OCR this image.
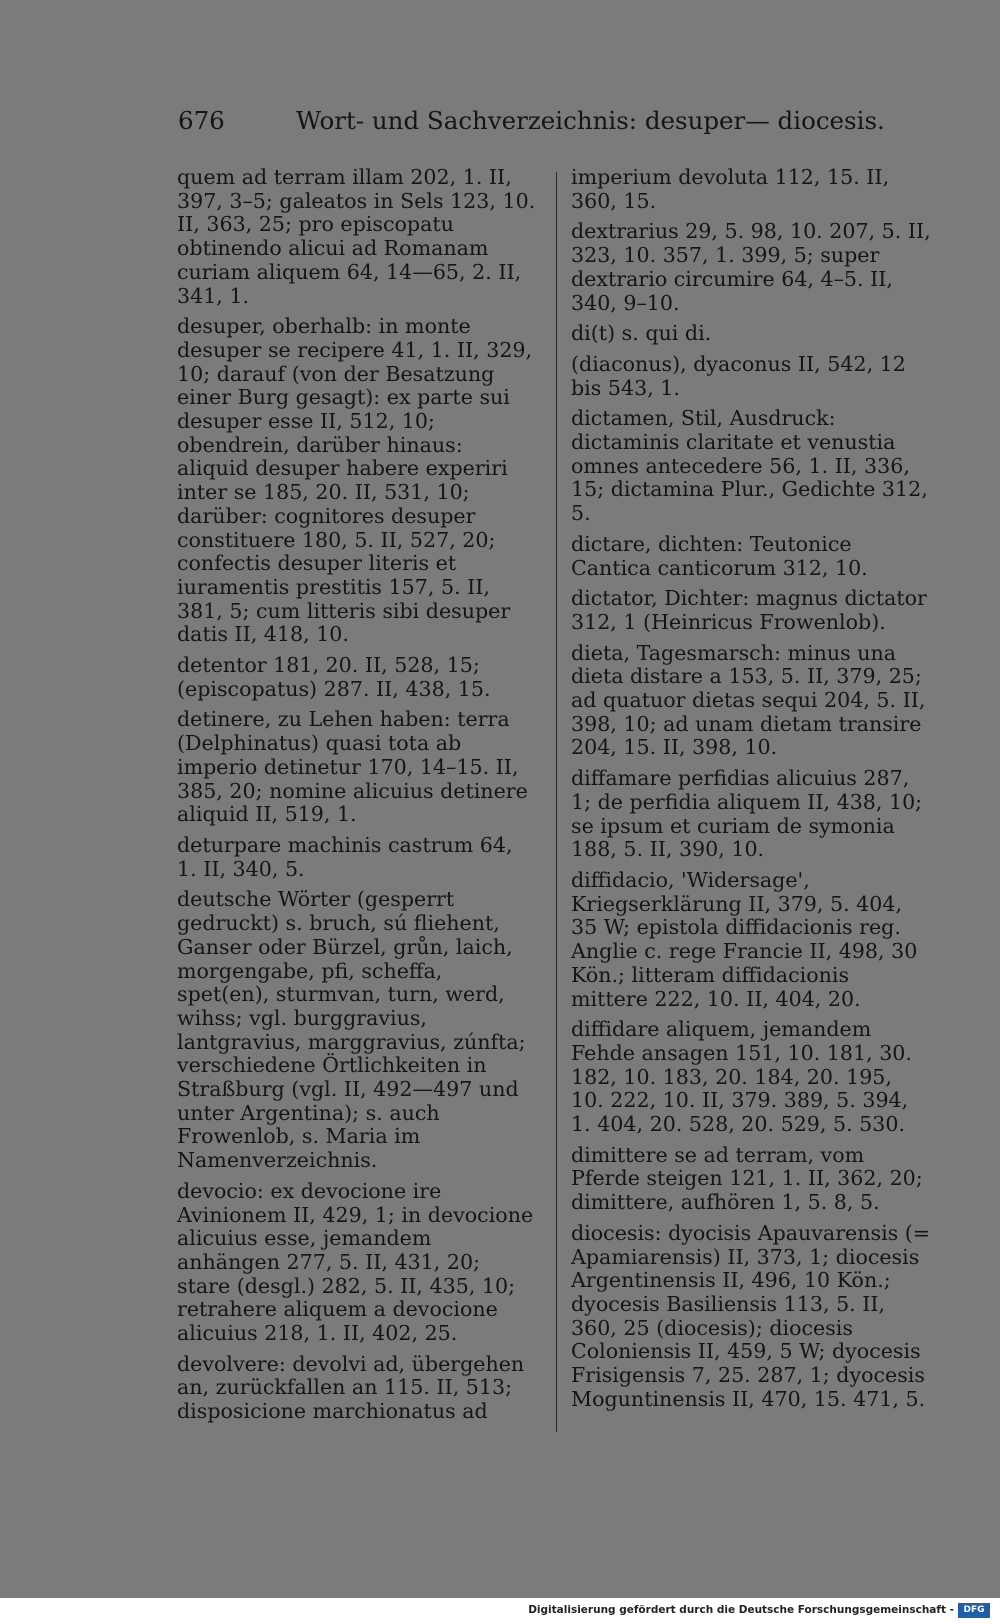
676	Wort- und Sachverzeichnis: desuper— diocesis.
quem ad terram illam 202, 1. II, 397, 3–5; galeatos in Sels 123, 10. II, 363, 25; pro episcopatu obtinendo alicui ad Romanam curiam aliquem 64, 14—65, 2. II, 341, 1.
desuper, oberhalb: in monte desuper se recipere 41, 1. II, 329, 10; darauf (von der Besatzung einer Burg gesagt): ex parte sui desuper esse II, 512, 10; obendrein, darüber hinaus: aliquid desuper habere experiri inter se 185, 20. II, 531, 10; darüber: cognitores desuper constituere 180, 5. II, 527, 20; confectis desuper literis et iuramentis prestitis 157, 5. II, 381, 5; cum litteris sibi desuper datis II, 418, 10.
detentor 181, 20. II, 528, 15; (episcopatus) 287. II, 438, 15.
detinere, zu Lehen haben: terra (Delphinatus) quasi tota ab imperio detinetur 170, 14–15. II, 385, 20; nomine alicuius detinere aliquid II, 519, 1.
deturpare machinis castrum 64, 1. II, 340, 5.
deutsche Wörter (gesperrt gedruckt) s. bruch, sú fliehent, Ganser oder Bürzel, grůn, laich, morgengabe, pfi, scheffa, spet(en), sturmvan, turn, werd, wihss; vgl. burggravius, lantgravius, marggravius, zúnfta; verschiedene Örtlichkeiten in Straßburg (vgl. II, 492—497 und unter Argentina); s. auch Frowenlob, s. Maria im Namenverzeichnis.
devocio: ex devocione ire Avinionem II, 429, 1; in devocione alicuius esse, jemandem anhängen 277, 5. II, 431, 20; stare (desgl.) 282, 5. II, 435, 10; retrahere aliquem a devocione alicuius 218, 1. II, 402, 25.
devolvere: devolvi ad, übergehen an, zurückfallen an 115. II, 513; disposicione marchionatus ad
imperium devoluta 112, 15. II, 360, 15.
dextrarius 29, 5. 98, 10. 207, 5. II, 323, 10. 357, 1. 399, 5; super dextrario circumire 64, 4–5. II, 340, 9–10.
di(t) s. qui di.
(diaconus), dyaconus II, 542, 12 bis 543, 1.
dictamen, Stil, Ausdruck: dictaminis claritate et venustia omnes antecedere 56, 1. II, 336, 15; dictamina Plur., Gedichte 312, 5.
dictare, dichten: Teutonice Cantica canticorum 312, 10.
dictator, Dichter: magnus dictator 312, 1 (Heinricus Frowenlob).
dieta, Tagesmarsch: minus una dieta distare a 153, 5. II, 379, 25; ad quatuor dietas sequi 204, 5. II, 398, 10; ad unam dietam transire 204, 15. II, 398, 10.
diffamare perfidias alicuius 287, 1; de perfidia aliquem II, 438, 10; se ipsum et curiam de symonia 188, 5. II, 390, 10.
diffidacio, 'Widersage', Kriegserklärung II, 379, 5. 404, 35 W; epistola diffidacionis reg. Anglie c. rege Francie II, 498, 30 Kön.; litteram diffidacionis mittere 222, 10. II, 404, 20.
diffidare aliquem, jemandem Fehde ansagen 151, 10. 181, 30. 182, 10. 183, 20. 184, 20. 195, 10. 222, 10. II, 379. 389, 5. 394, 1. 404, 20. 528, 20. 529, 5. 530.
dimittere se ad terram, vom Pferde steigen 121, 1. II, 362, 20; dimittere, aufhören 1, 5. 8, 5.
diocesis: dyocisis Apauvarensis (= Apamiarensis) II, 373, 1; diocesis Argentinensis II, 496, 10 Kön.; dyocesis Basiliensis 113, 5. II, 360, 25 (diocesis); diocesis Coloniensis II, 459, 5 W; dyocesis Frisigensis 7, 25. 287, 1; dyocesis Moguntinensis II, 470, 15. 471, 5.
Digitalisierung gefördert durch die Deutsche Forschungsgemeinschaft -	DFG
